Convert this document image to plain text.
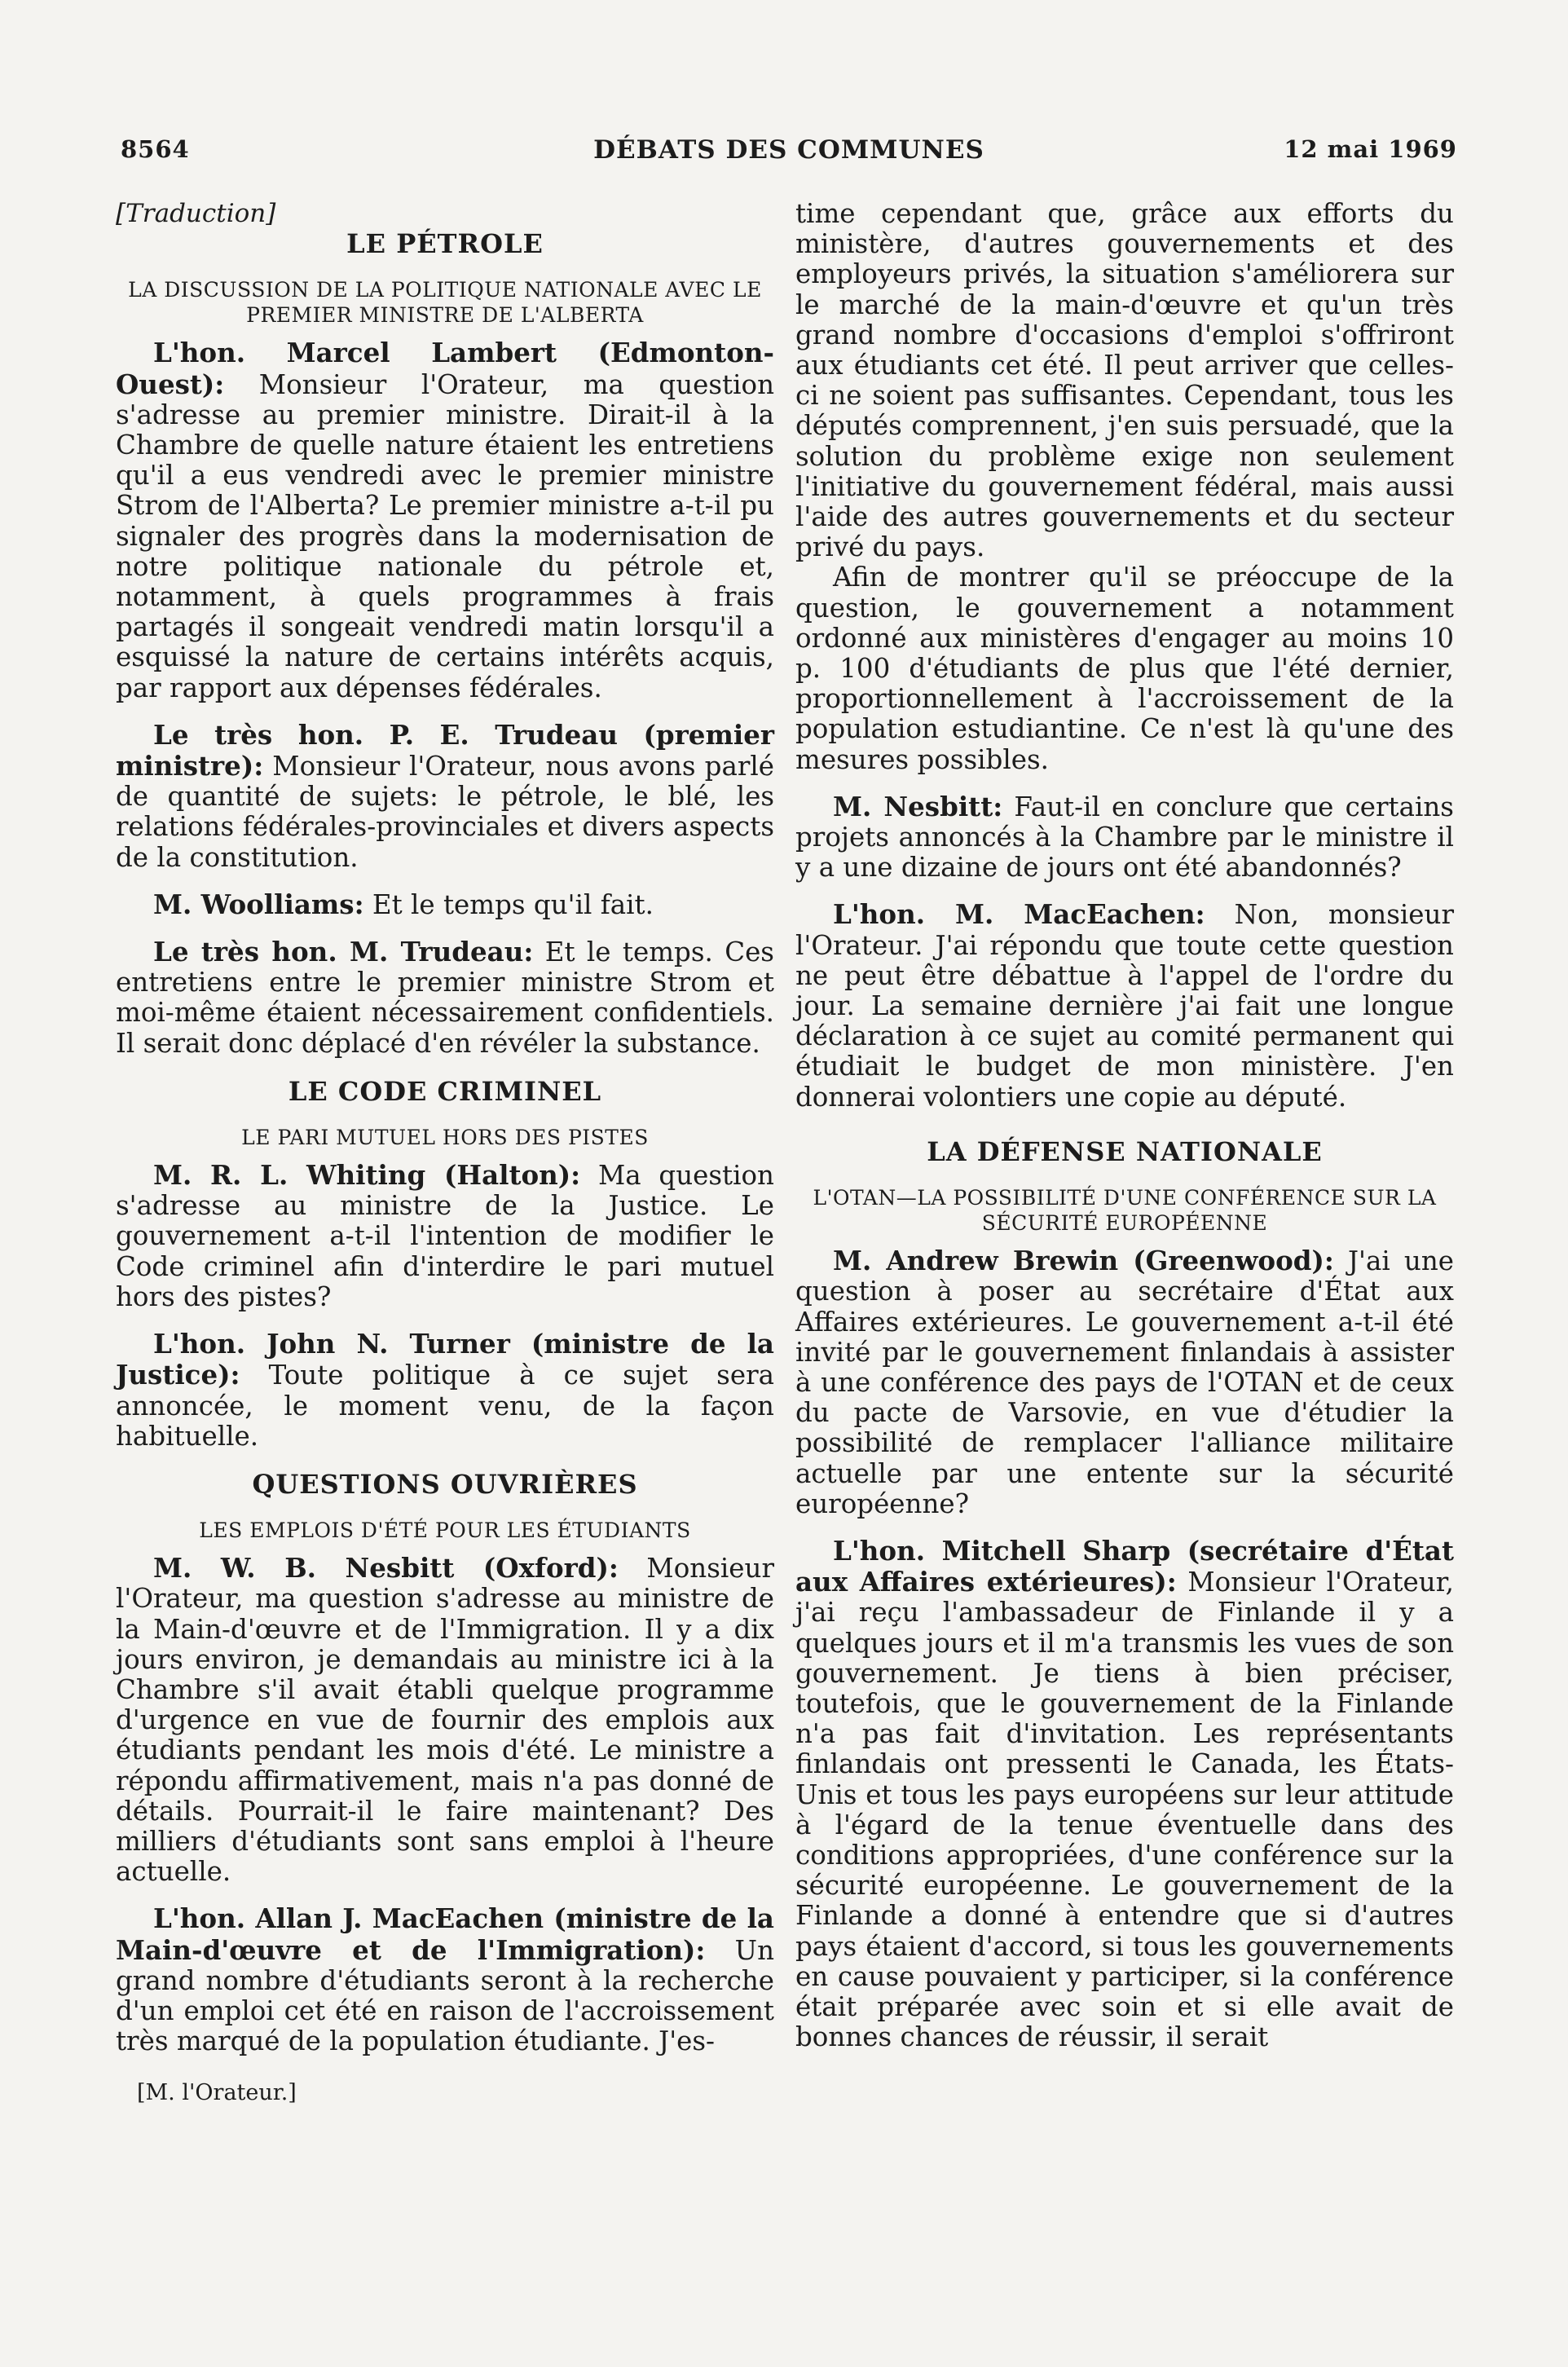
8564	DÉBATS DES COMMUNES	12 mai 1969
[Traduction]
LE PÉTROLE
LA DISCUSSION DE LA POLITIQUE NATIONALE AVEC LE PREMIER MINISTRE DE L'ALBERTA

L'hon. Marcel Lambert (Edmonton-Ouest): Monsieur l'Orateur, ma question s'adresse au premier ministre. Dirait-il à la Chambre de quelle nature étaient les entretiens qu'il a eus vendredi avec le premier ministre Strom de l'Alberta? Le premier ministre a-t-il pu signaler des progrès dans la modernisation de notre politique nationale du pétrole et, notamment, à quels programmes à frais partagés il songeait vendredi matin lorsqu'il a esquissé la nature de certains intérêts acquis, par rapport aux dépenses fédérales.

Le très hon. P. E. Trudeau (premier ministre): Monsieur l'Orateur, nous avons parlé de quantité de sujets: le pétrole, le blé, les relations fédérales-provinciales et divers aspects de la constitution.

M. Woolliams: Et le temps qu'il fait.

Le très hon. M. Trudeau: Et le temps. Ces entretiens entre le premier ministre Strom et moi-même étaient nécessairement confidentiels. Il serait donc déplacé d'en révéler la substance.

LE CODE CRIMINEL
LE PARI MUTUEL HORS DES PISTES

M. R. L. Whiting (Halton): Ma question s'adresse au ministre de la Justice. Le gouvernement a-t-il l'intention de modifier le Code criminel afin d'interdire le pari mutuel hors des pistes?

L'hon. John N. Turner (ministre de la Justice): Toute politique à ce sujet sera annoncée, le moment venu, de la façon habituelle.

QUESTIONS OUVRIÈRES
LES EMPLOIS D'ÉTÉ POUR LES ÉTUDIANTS

M. W. B. Nesbitt (Oxford): Monsieur l'Orateur, ma question s'adresse au ministre de la Main-d'œuvre et de l'Immigration. Il y a dix jours environ, je demandais au ministre ici à la Chambre s'il avait établi quelque programme d'urgence en vue de fournir des emplois aux étudiants pendant les mois d'été. Le ministre a répondu affirmativement, mais n'a pas donné de détails. Pourrait-il le faire maintenant? Des milliers d'étudiants sont sans emploi à l'heure actuelle.

L'hon. Allan J. MacEachen (ministre de la Main-d'œuvre et de l'Immigration): Un grand nombre d'étudiants seront à la recherche d'un emploi cet été en raison de l'accroissement très marqué de la population étudiante. J'es-

[M. l'Orateur.]

time cependant que, grâce aux efforts du ministère, d'autres gouvernements et des employeurs privés, la situation s'améliorera sur le marché de la main-d'œuvre et qu'un très grand nombre d'occasions d'emploi s'offriront aux étudiants cet été. Il peut arriver que celles-ci ne soient pas suffisantes. Cependant, tous les députés comprennent, j'en suis persuadé, que la solution du problème exige non seulement l'initiative du gouvernement fédéral, mais aussi l'aide des autres gouvernements et du secteur privé du pays.

Afin de montrer qu'il se préoccupe de la question, le gouvernement a notamment ordonné aux ministères d'engager au moins 10 p. 100 d'étudiants de plus que l'été dernier, proportionnellement à l'accroissement de la population estudiantine. Ce n'est là qu'une des mesures possibles.

M. Nesbitt: Faut-il en conclure que certains projets annoncés à la Chambre par le ministre il y a une dizaine de jours ont été abandonnés?

L'hon. M. MacEachen: Non, monsieur l'Orateur. J'ai répondu que toute cette question ne peut être débattue à l'appel de l'ordre du jour. La semaine dernière j'ai fait une longue déclaration à ce sujet au comité permanent qui étudiait le budget de mon ministère. J'en donnerai volontiers une copie au député.

LA DÉFENSE NATIONALE
L'OTAN—LA POSSIBILITÉ D'UNE CONFÉRENCE SUR LA SÉCURITÉ EUROPÉENNE

M. Andrew Brewin (Greenwood): J'ai une question à poser au secrétaire d'État aux Affaires extérieures. Le gouvernement a-t-il été invité par le gouvernement finlandais à assister à une conférence des pays de l'OTAN et de ceux du pacte de Varsovie, en vue d'étudier la possibilité de remplacer l'alliance militaire actuelle par une entente sur la sécurité européenne?

L'hon. Mitchell Sharp (secrétaire d'État aux Affaires extérieures): Monsieur l'Orateur, j'ai reçu l'ambassadeur de Finlande il y a quelques jours et il m'a transmis les vues de son gouvernement. Je tiens à bien préciser, toutefois, que le gouvernement de la Finlande n'a pas fait d'invitation. Les représentants finlandais ont pressenti le Canada, les États-Unis et tous les pays européens sur leur attitude à l'égard de la tenue éventuelle dans des conditions appropriées, d'une conférence sur la sécurité européenne. Le gouvernement de la Finlande a donné à entendre que si d'autres pays étaient d'accord, si tous les gouvernements en cause pouvaient y participer, si la conférence était préparée avec soin et si elle avait de bonnes chances de réussir, il serait
